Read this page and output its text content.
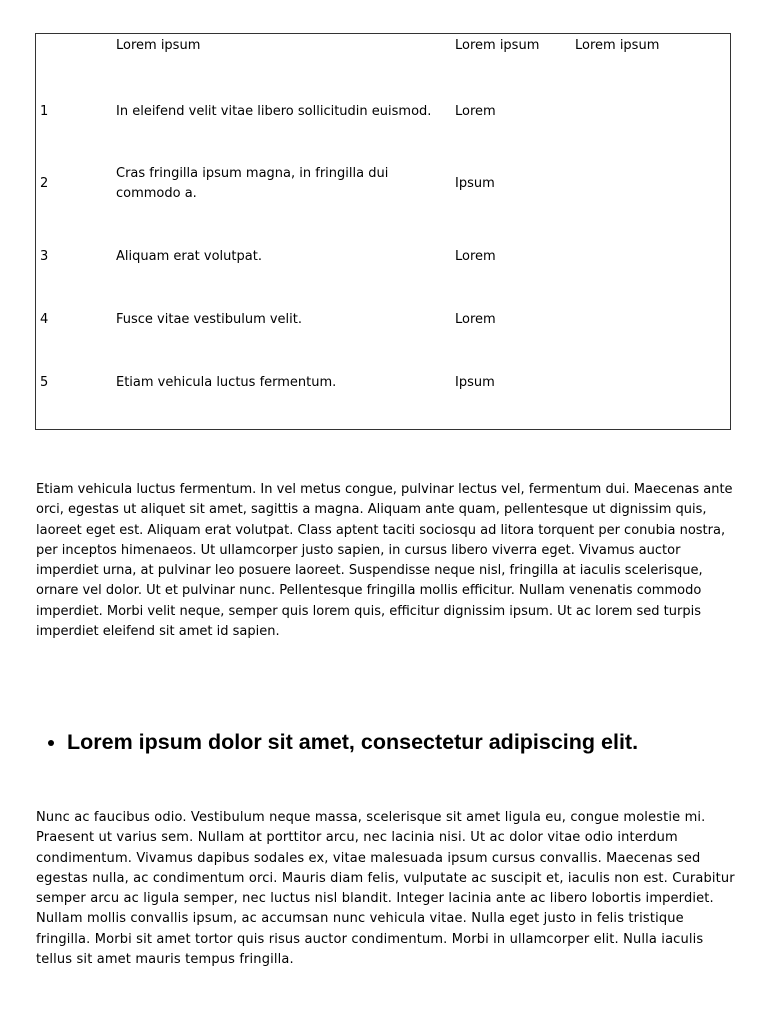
	Lorem ipsum	Lorem ipsum	Lorem ipsum
1	In eleifend velit vitae libero sollicitudin euismod.	Lorem	
2	Cras fringilla ipsum magna, in fringilla dui commodo a.	Ipsum	
3	Aliquam erat volutpat.	Lorem	
4	Fusce vitae vestibulum velit.	Lorem	
5	Etiam vehicula luctus fermentum.	Ipsum	

Etiam vehicula luctus fermentum. In vel metus congue, pulvinar lectus vel, fermentum dui. Maecenas ante orci, egestas ut aliquet sit amet, sagittis a magna. Aliquam ante quam, pellentesque ut dignissim quis, laoreet eget est. Aliquam erat volutpat. Class aptent taciti sociosqu ad litora torquent per conubia nostra, per inceptos himenaeos. Ut ullamcorper justo sapien, in cursus libero viverra eget. Vivamus auctor imperdiet urna, at pulvinar leo posuere laoreet. Suspendisse neque nisl, fringilla at iaculis scelerisque, ornare vel dolor. Ut et pulvinar nunc. Pellentesque fringilla mollis efficitur. Nullam venenatis commodo imperdiet. Morbi velit neque, semper quis lorem quis, efficitur dignissim ipsum. Ut ac lorem sed turpis imperdiet eleifend sit amet id sapien.

• Lorem ipsum dolor sit amet, consectetur adipiscing elit.

Nunc ac faucibus odio. Vestibulum neque massa, scelerisque sit amet ligula eu, congue molestie mi. Praesent ut varius sem. Nullam at porttitor arcu, nec lacinia nisi. Ut ac dolor vitae odio interdum condimentum. Vivamus dapibus sodales ex, vitae malesuada ipsum cursus convallis. Maecenas sed egestas nulla, ac condimentum orci. Mauris diam felis, vulputate ac suscipit et, iaculis non est. Curabitur semper arcu ac ligula semper, nec luctus nisl blandit. Integer lacinia ante ac libero lobortis imperdiet. Nullam mollis convallis ipsum, ac accumsan nunc vehicula vitae. Nulla eget justo in felis tristique fringilla. Morbi sit amet tortor quis risus auctor condimentum. Morbi in ullamcorper elit. Nulla iaculis tellus sit amet mauris tempus fringilla.
